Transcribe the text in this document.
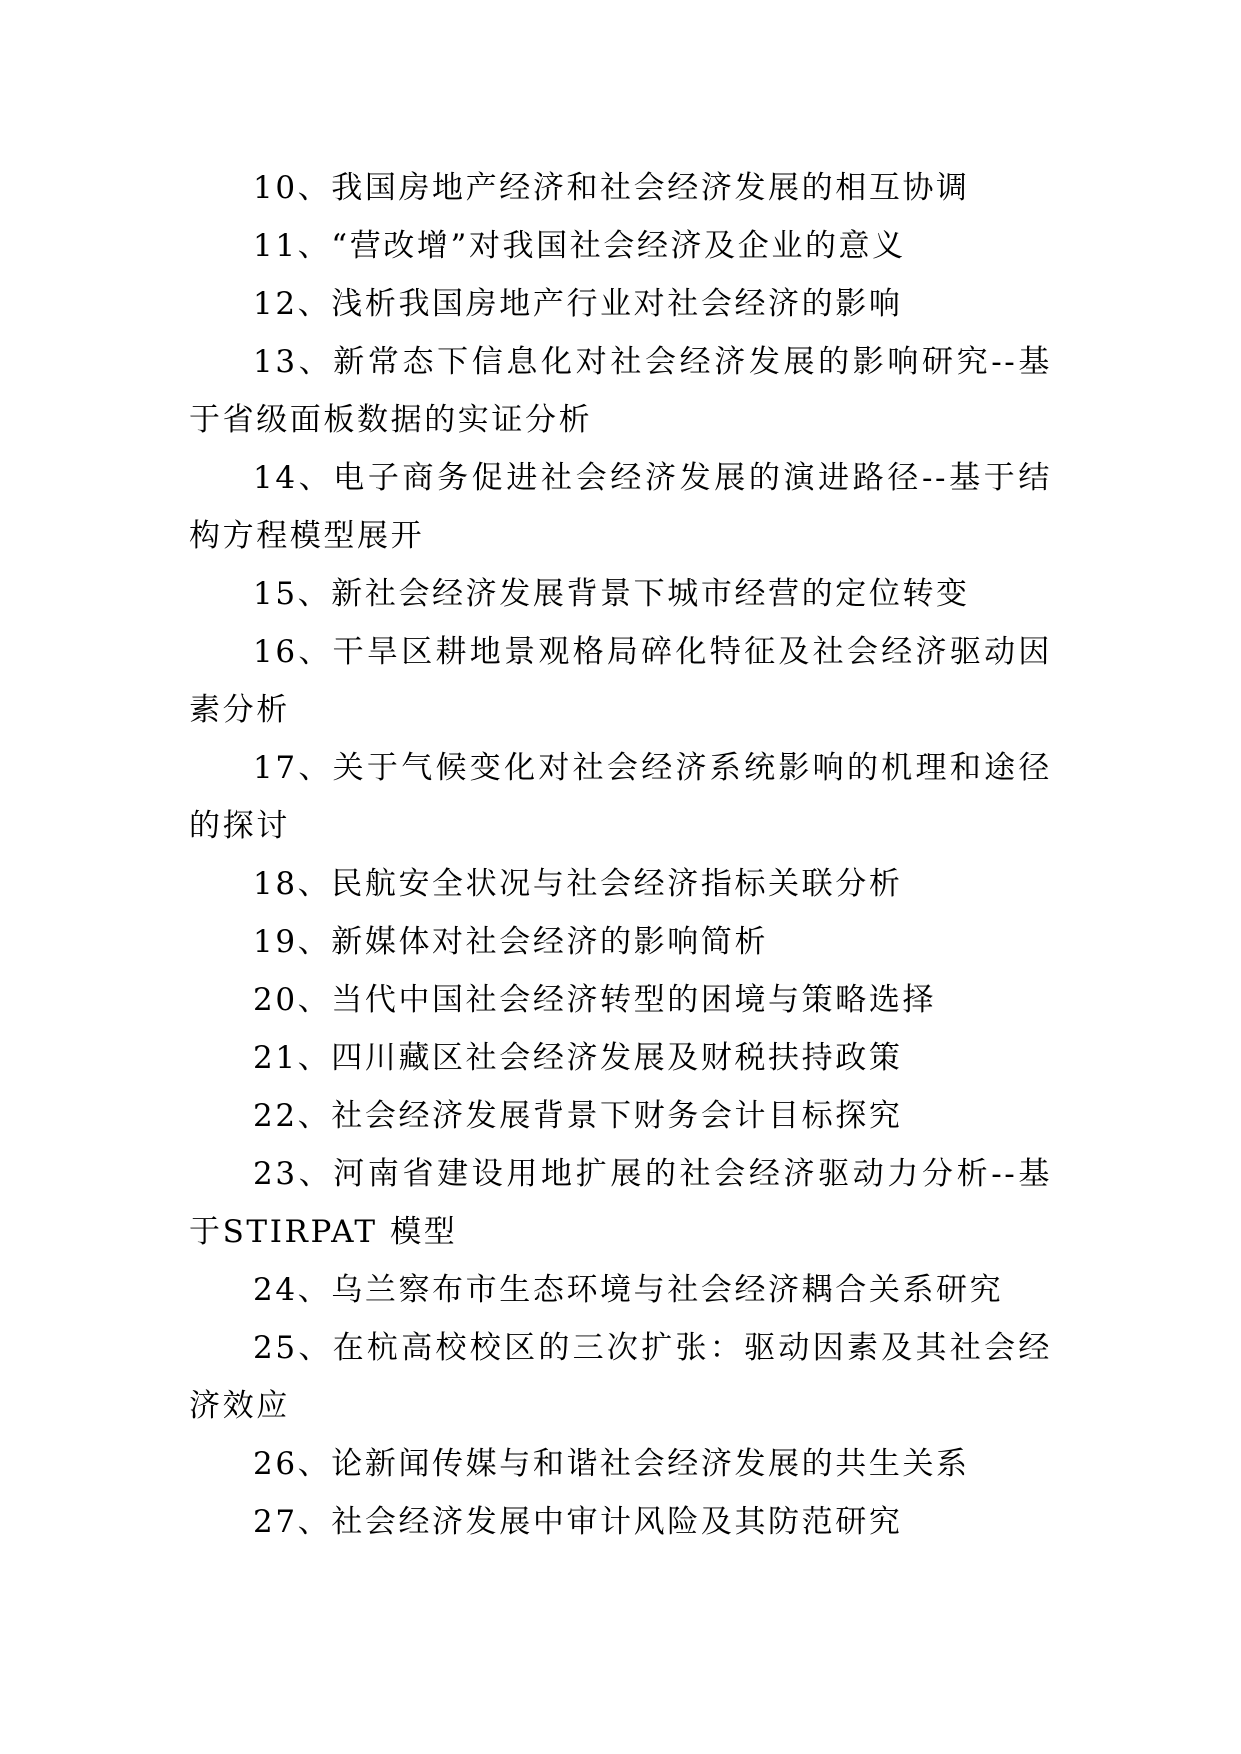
10、我国房地产经济和社会经济发展的相互协调

11、“营改增”对我国社会经济及企业的意义

12、浅析我国房地产行业对社会经济的影响

13、新常态下信息化对社会经济发展的影响研究--基于省级面板数据的实证分析

14、电子商务促进社会经济发展的演进路径--基于结构方程模型展开

15、新社会经济发展背景下城市经营的定位转变

16、干旱区耕地景观格局碎化特征及社会经济驱动因素分析

17、关于气候变化对社会经济系统影响的机理和途径的探讨

18、民航安全状况与社会经济指标关联分析

19、新媒体对社会经济的影响简析

20、当代中国社会经济转型的困境与策略选择

21、四川藏区社会经济发展及财税扶持政策

22、社会经济发展背景下财务会计目标探究

23、河南省建设用地扩展的社会经济驱动力分析--基于STIRPAT 模型

24、乌兰察布市生态环境与社会经济耦合关系研究

25、在杭高校校区的三次扩张：驱动因素及其社会经济效应

26、论新闻传媒与和谐社会经济发展的共生关系

27、社会经济发展中审计风险及其防范研究
